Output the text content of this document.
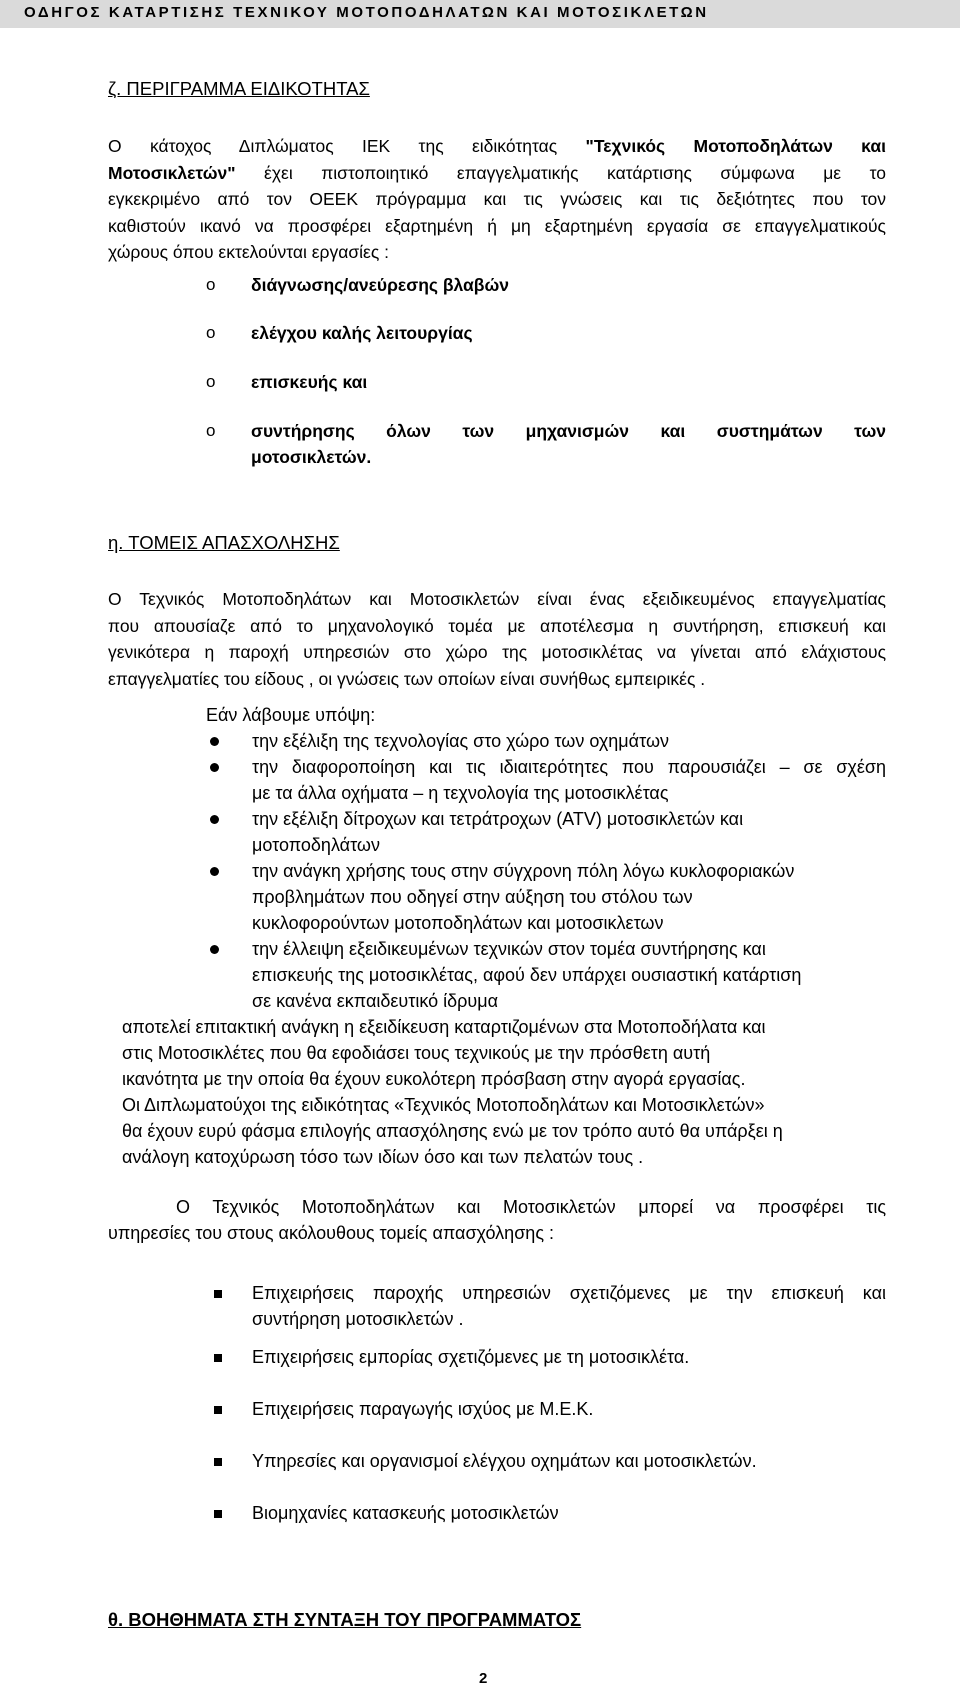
ΟΔΗΓΟΣ ΚΑΤΑΡΤΙΣΗΣ ΤΕΧΝΙΚΟΥ ΜΟΤΟΠΟΔΗΛΑΤΩΝ ΚΑΙ ΜΟΤΟΣΙΚΛΕΤΩΝ
ζ. ΠΕΡΙΓΡΑΜΜΑ ΕΙΔΙΚΟΤΗΤΑΣ
Ο κάτοχος Διπλώματος ΙΕΚ της ειδικότητας "Τεχνικός Μοτοποδηλάτων και
Μοτοσικλετών" έχει πιστοποιητικό επαγγελματικής κατάρτισης σύμφωνα με το
εγκεκριμένο από τον ΟΕΕΚ πρόγραμμα και τις γνώσεις και τις δεξιότητες που τον
καθιστούν ικανό να προσφέρει εξαρτημένη ή μη εξαρτημένη εργασία σε επαγγελματικούς
χώρους όπου εκτελούνται εργασίες :
o διάγνωσης/ανεύρεσης βλαβών
o ελέγχου καλής λειτουργίας
o επισκευής και
o συντήρησης όλων των μηχανισμών και συστημάτων των
μοτοσικλετών.
η. ΤΟΜΕΙΣ ΑΠΑΣΧΟΛΗΣΗΣ
Ο Τεχνικός Μοτοποδηλάτων και Μοτοσικλετών είναι ένας εξειδικευμένος επαγγελματίας
που απουσίαζε από το μηχανολογικό τομέα με αποτέλεσμα η συντήρηση, επισκευή και
γενικότερα η παροχή υπηρεσιών στο χώρο της μοτοσικλέτας να γίνεται από ελάχιστους
επαγγελματίες του είδους , οι γνώσεις των οποίων είναι συνήθως εμπειρικές .
Εάν λάβουμε υπόψη:
την εξέλιξη της τεχνολογίας στο χώρο των οχημάτων
την διαφοροποίηση και τις ιδιαιτερότητες που παρουσιάζει – σε σχέση
με τα άλλα οχήματα – η τεχνολογία της μοτοσικλέτας
την εξέλιξη δίτροχων και τετράτροχων (ATV) μοτοσικλετών και
μοτοποδηλάτων
την ανάγκη χρήσης τους στην σύγχρονη πόλη λόγω κυκλοφοριακών
προβλημάτων που οδηγεί στην αύξηση του στόλου των
κυκλοφορούντων μοτοποδηλάτων και μοτοσικλετων
την έλλειψη εξειδικευμένων τεχνικών στον τομέα συντήρησης και
επισκευής της μοτοσικλέτας, αφού δεν υπάρχει ουσιαστική κατάρτιση
σε κανένα εκπαιδευτικό ίδρυμα
αποτελεί επιτακτική ανάγκη η εξειδίκευση καταρτιζομένων στα Μοτοποδήλατα και
στις Μοτοσικλέτες που θα εφοδιάσει τους τεχνικούς με την πρόσθετη αυτή
ικανότητα με την οποία θα έχουν ευκολότερη πρόσβαση στην αγορά εργασίας.
Οι Διπλωματούχοι της ειδικότητας «Τεχνικός Μοτοποδηλάτων και Μοτοσικλετών»
θα έχουν ευρύ φάσμα επιλογής απασχόλησης ενώ με τον τρόπο αυτό θα υπάρξει η
ανάλογη κατοχύρωση τόσο των ιδίων όσο και των πελατών τους .
Ο Τεχνικός Μοτοποδηλάτων και Μοτοσικλετών μπορεί να προσφέρει τις
υπηρεσίες του στους ακόλουθους τομείς απασχόλησης :
Επιχειρήσεις παροχής υπηρεσιών σχετιζόμενες με την επισκευή και
συντήρηση μοτοσικλετών .
Επιχειρήσεις εμπορίας σχετιζόμενες με τη μοτοσικλέτα.
Επιχειρήσεις παραγωγής ισχύος με Μ.Ε.Κ.
Υπηρεσίες και οργανισμοί ελέγχου οχημάτων και μοτοσικλετών.
Βιομηχανίες κατασκευής μοτοσικλετών
θ. ΒΟΗΘΗΜΑΤΑ ΣΤΗ ΣΥΝΤΑΞΗ ΤΟΥ ΠΡΟΓΡΑΜΜΑΤΟΣ
2
